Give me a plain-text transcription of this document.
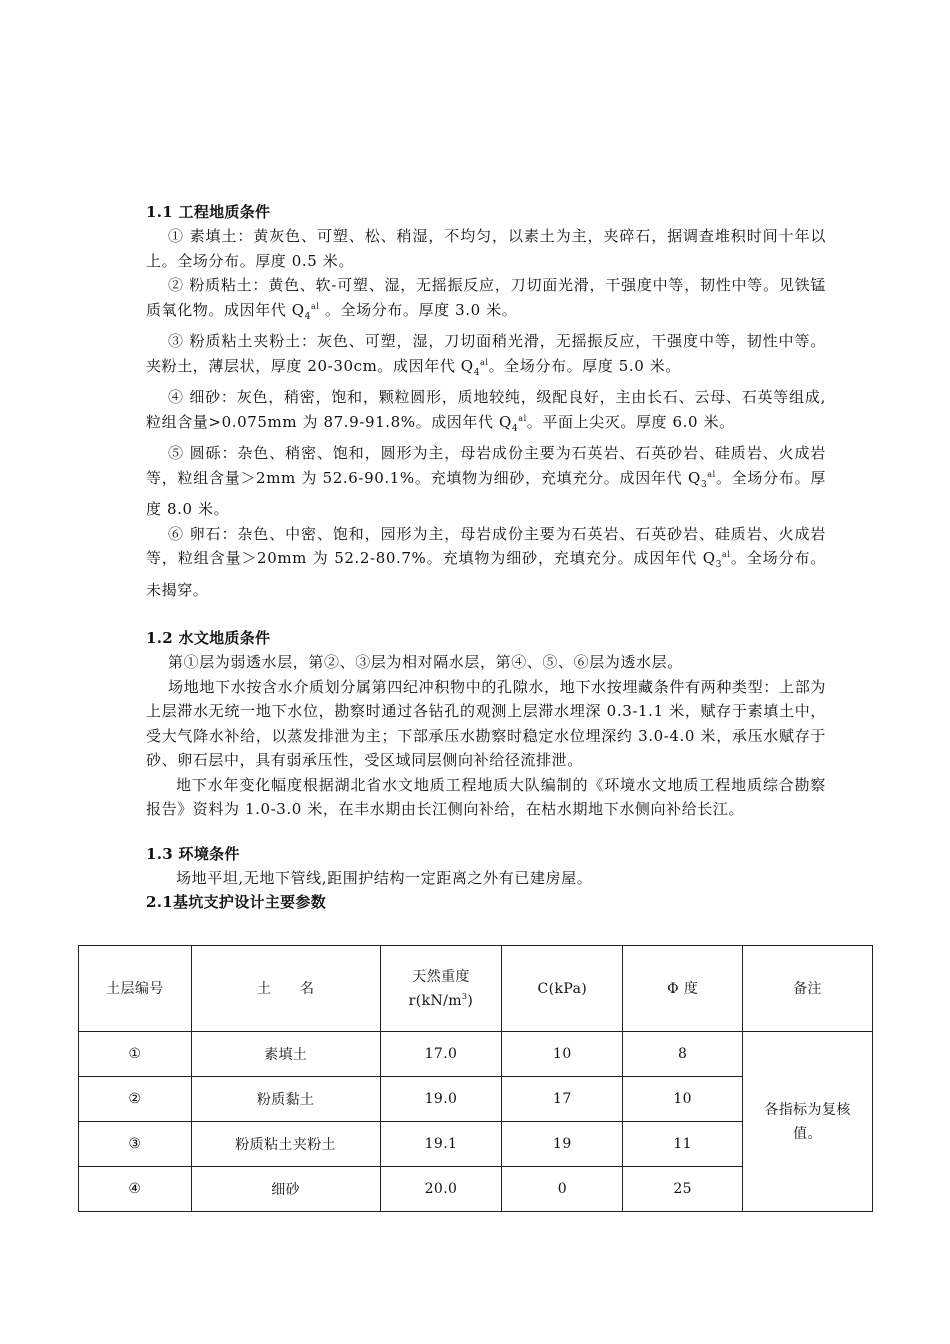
1.1 工程地质条件

① 素填土：黄灰色、可塑、松、稍湿，不均匀，以素土为主，夹碎石，据调查堆积时间十年以上。全场分布。厚度 0.5 米。

② 粉质粘土：黄色、软-可塑、湿，无摇振反应，刀切面光滑，干强度中等，韧性中等。见铁锰质氧化物。成因年代 $Q_4^{al}$ 。全场分布。厚度 3.0 米。

③ 粉质粘土夹粉土：灰色、可塑，湿，刀切面稍光滑，无摇振反应，干强度中等，韧性中等。夹粉土，薄层状，厚度 20-30cm。成因年代 $Q_4^{al}$。全场分布。厚度 5.0 米。

④ 细砂：灰色，稍密，饱和，颗粒圆形，质地较纯，级配良好，主由长石、云母、石英等组成,粒组含量>0.075mm 为 87.9-91.8%。成因年代 $Q_4^{al}$。平面上尖灭。厚度 6.0 米。

⑤ 圆砾：杂色、稍密、饱和，圆形为主，母岩成份主要为石英岩、石英砂岩、硅质岩、火成岩等，粒组含量＞2mm 为 52.6-90.1%。充填物为细砂，充填充分。成因年代 $Q_3^{al}$。全场分布。厚度 8.0 米。

⑥ 卵石：杂色、中密、饱和，园形为主，母岩成份主要为石英岩、石英砂岩、硅质岩、火成岩等，粒组含量＞20mm 为 52.2-80.7%。充填物为细砂，充填充分。成因年代 $Q_3^{al}$。全场分布。未揭穿。

1.2 水文地质条件

第①层为弱透水层，第②、③层为相对隔水层，第④、⑤、⑥层为透水层。

场地地下水按含水介质划分属第四纪冲积物中的孔隙水，地下水按埋藏条件有两种类型：上部为上层滞水无统一地下水位，勘察时通过各钻孔的观测上层滞水埋深 0.3-1.1 米，赋存于素填土中，受大气降水补给，以蒸发排泄为主；下部承压水勘察时稳定水位埋深约 3.0-4.0 米，承压水赋存于砂、卵石层中，具有弱承压性，受区域同层侧向补给径流排泄。

地下水年变化幅度根据湖北省水文地质工程地质大队编制的《环境水文地质工程地质综合勘察报告》资料为 1.0-3.0 米，在丰水期由长江侧向补给，在枯水期地下水侧向补给长江。

1.3 环境条件

场地平坦,无地下管线,距围护结构一定距离之外有已建房屋。

2.1基坑支护设计主要参数

土层编号	土　　名	天然重度
$r(kN/m^3)$	C(kPa)	Φ 度	备注
①	素填土	17.0	10	8	各指标为复核值。
②	粉质黏土	19.0	17	10	
③	粉质粘土夹粉土	19.1	19	11	
④	细砂	20.0	0	25	
